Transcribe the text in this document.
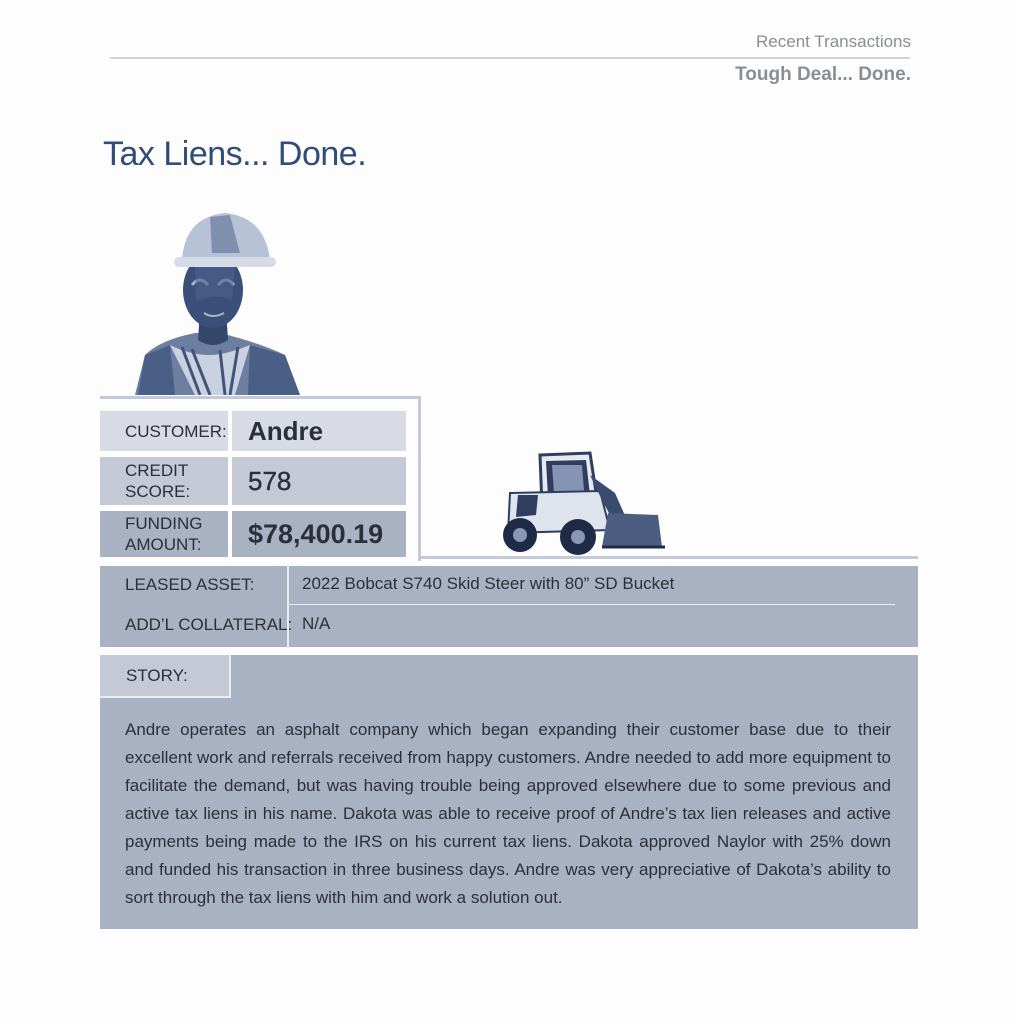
Recent Transactions
Tough Deal... Done.
Tax Liens... Done.
CUSTOMER: Andre
CREDIT
SCORE:	578
FUNDING
AMOUNT:	$78,400.19
LEASED ASSET:	2022 Bobcat S740 Skid Steer with 80” SD Bucket
ADD’L COLLATERAL: N/A
STORY:
Andre operates an asphalt company which began expanding their customer base due to their excellent work and referrals received from happy customers. Andre needed to add more equipment to facilitate the demand, but was having trouble being approved elsewhere due to some previous and active tax liens in his name. Dakota was able to receive proof of Andre’s tax lien releases and active payments being made to the IRS on his current tax liens. Dakota approved Naylor with 25% down and funded his transaction in three business days. Andre was very appreciative of Dakota’s ability to sort through the tax liens with him and work a solution out.
